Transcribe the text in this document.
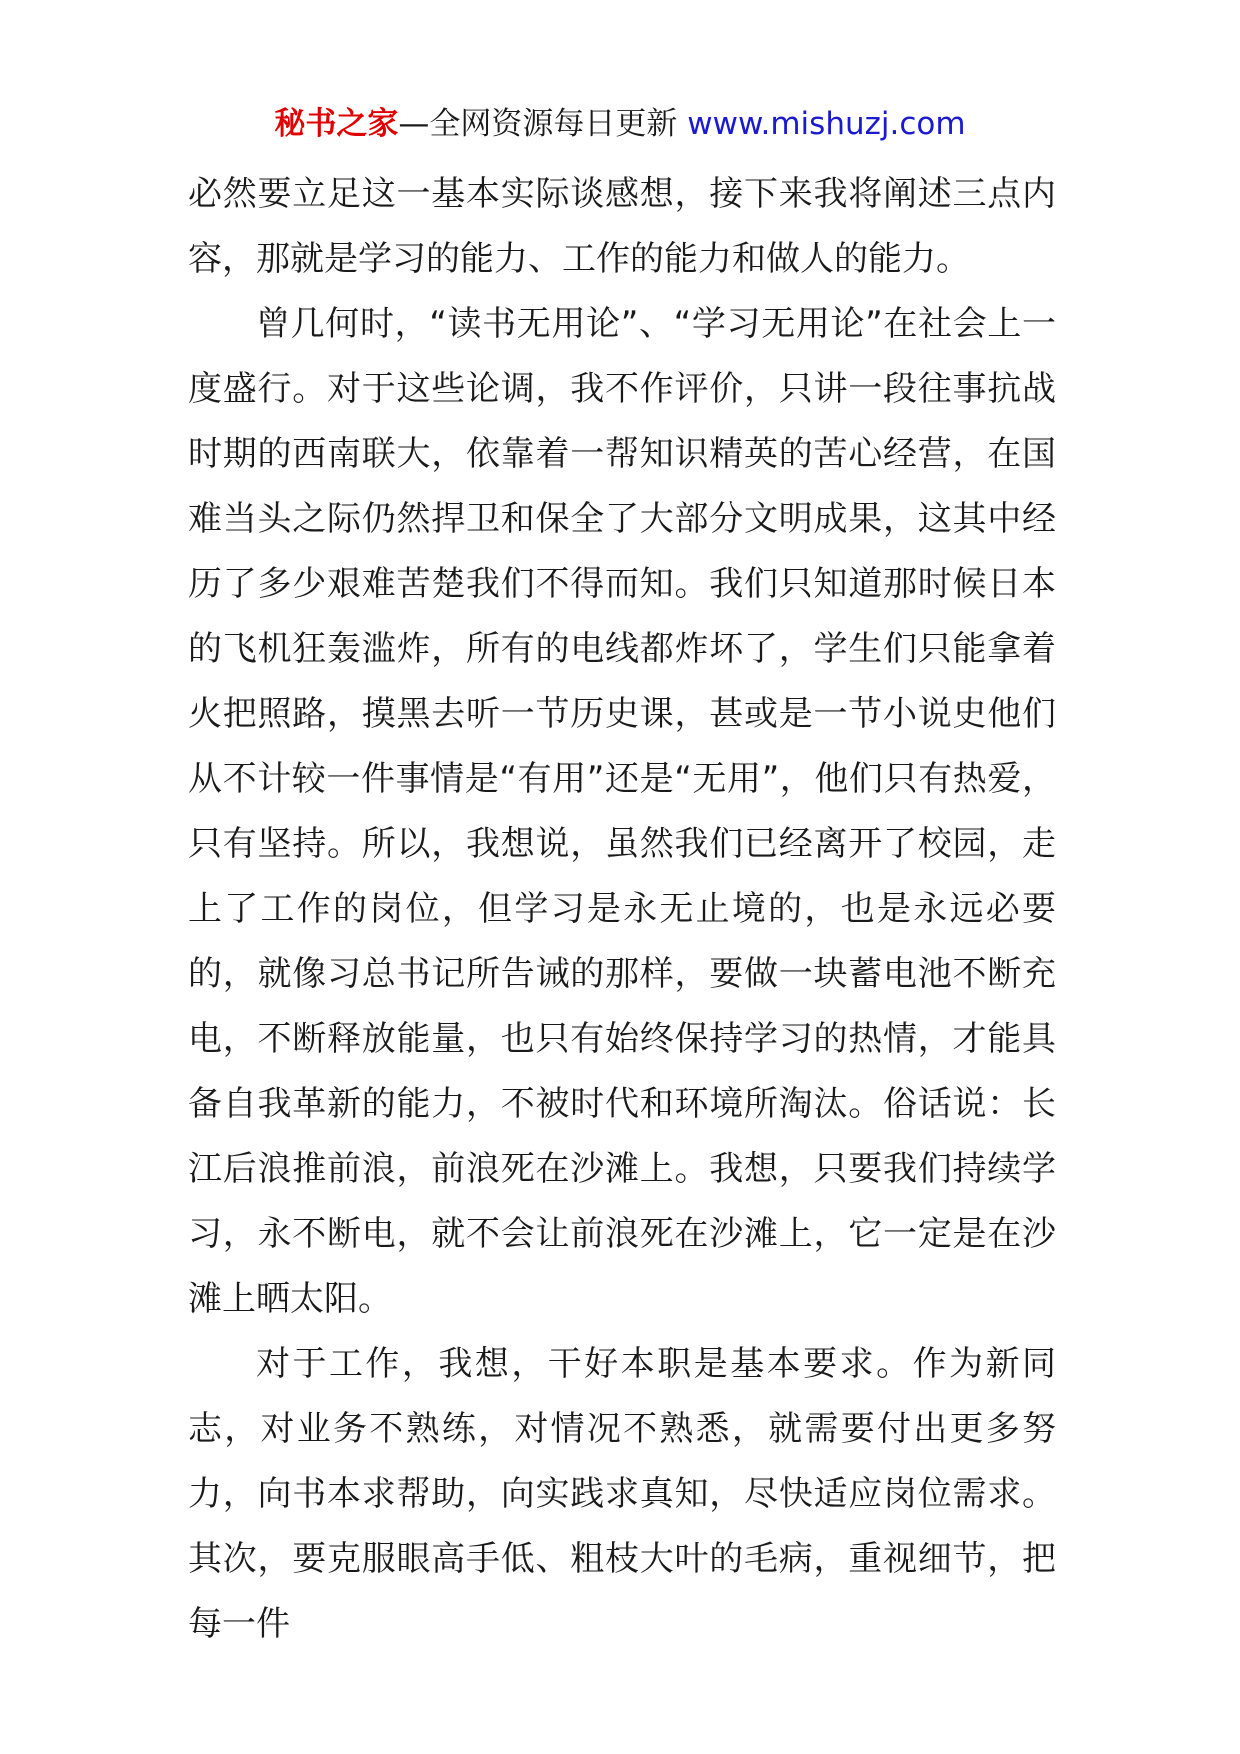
秘书之家—全网资源每日更新 www.mishuzj.com

必然要立足这一基本实际谈感想，接下来我将阐述三点内容，那就是学习的能力、工作的能力和做人的能力。

曾几何时，“读书无用论”、“学习无用论”在社会上一度盛行。对于这些论调，我不作评价，只讲一段往事抗战时期的西南联大，依靠着一帮知识精英的苦心经营，在国难当头之际仍然捍卫和保全了大部分文明成果，这其中经历了多少艰难苦楚我们不得而知。我们只知道那时候日本的飞机狂轰滥炸，所有的电线都炸坏了，学生们只能拿着火把照路，摸黑去听一节历史课，甚或是一节小说史他们从不计较一件事情是“有用”还是“无用”，他们只有热爱，只有坚持。所以，我想说，虽然我们已经离开了校园，走上了工作的岗位，但学习是永无止境的，也是永远必要的，就像习总书记所告诫的那样，要做一块蓄电池不断充电，不断释放能量，也只有始终保持学习的热情，才能具备自我革新的能力，不被时代和环境所淘汰。俗话说：长江后浪推前浪，前浪死在沙滩上。我想，只要我们持续学习，永不断电，就不会让前浪死在沙滩上，它一定是在沙滩上晒太阳。

对于工作，我想，干好本职是基本要求。作为新同志，对业务不熟练，对情况不熟悉，就需要付出更多努力，向书本求帮助，向实践求真知，尽快适应岗位需求。其次，要克服眼高手低、粗枝大叶的毛病，重视细节，把每一件
